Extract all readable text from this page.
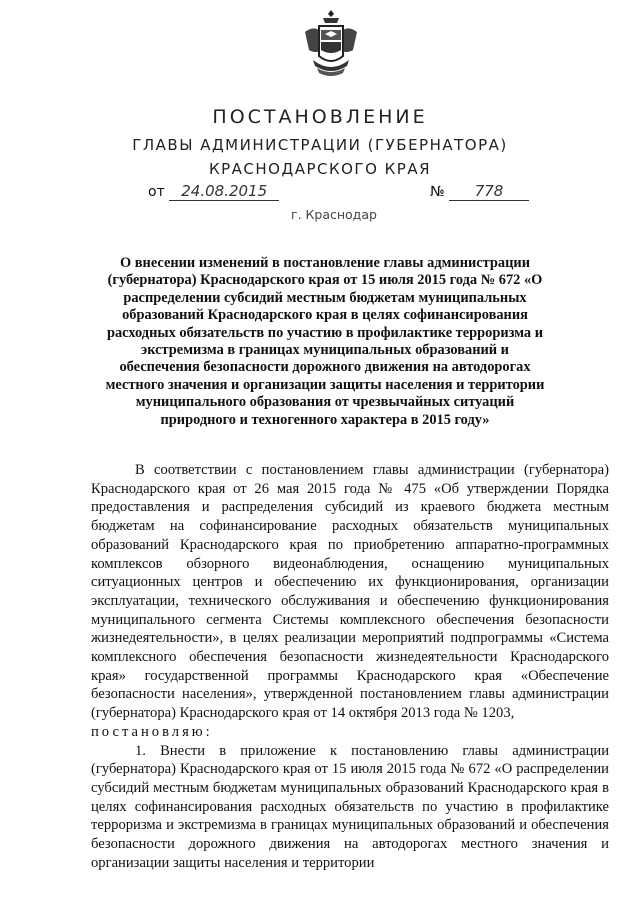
ПОСТАНОВЛЕНИЕ
ГЛАВЫ АДМИНИСТРАЦИИ (ГУБЕРНАТОРА)
КРАСНОДАРСКОГО КРАЯ
от 24.08.2015	№ 778
г. Краснодар
О внесении изменений в постановление главы администрации (губернатора) Краснодарского края от 15 июля 2015 года № 672 «О распределении субсидий местным бюджетам муниципальных образований Краснодарского края в целях софинансирования расходных обязательств по участию в профилактике терроризма и экстремизма в границах муниципальных образований и обеспечения безопасности дорожного движения на автодорогах местного значения и организации защиты населения и территории муниципального образования от чрезвычайных ситуаций природного и техногенного характера в 2015 году»

В соответствии с постановлением главы администрации (губернатора) Краснодарского края от 26 мая 2015 года № 475 «Об утверждении Порядка предоставления и распределения субсидий из краевого бюджета местным бюджетам на софинансирование расходных обязательств муниципальных образований Краснодарского края по приобретению аппаратно-программных комплексов обзорного видеонаблюдения, оснащению муниципальных ситуационных центров и обеспечению их функционирования, организации эксплуатации, технического обслуживания и обеспечению функционирования муниципального сегмента Системы комплексного обеспечения безопасности жизнедеятельности», в целях реализации мероприятий подпрограммы «Система комплексного обеспечения безопасности жизнедеятельности Краснодарского края» государственной программы Краснодарского края «Обеспечение безопасности населения», утвержденной постановлением главы администрации (губернатора) Краснодарского края от 14 октября 2013 года № 1203,

постановляю:

1. Внести в приложение к постановлению главы администрации (губернатора) Краснодарского края от 15 июля 2015 года № 672 «О распределении субсидий местным бюджетам муниципальных образований Краснодарского края в целях софинансирования расходных обязательств по участию в профилактике терроризма и экстремизма в границах муниципальных образований и обеспечения безопасности дорожного движения на автодорогах местного значения и организации защиты населения и территории
